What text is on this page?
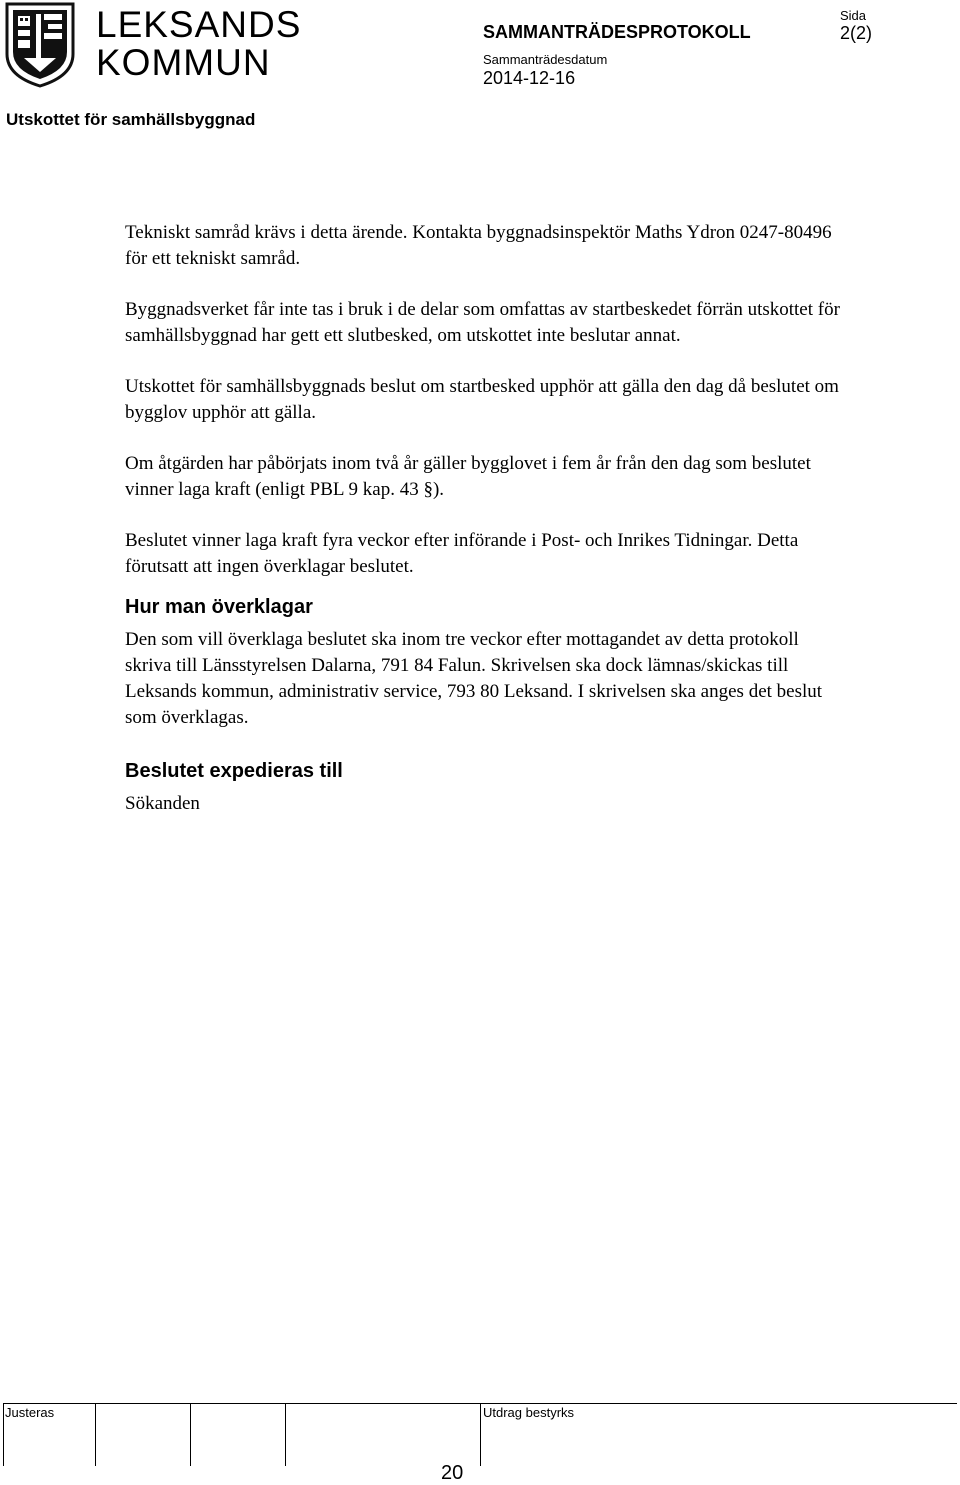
LEKSANDS
KOMMUN
SAMMANTRÄDESPROTOKOLL
Sammanträdesdatum
2014-12-16
Sida
2(2)
Utskottet för samhällsbyggnad

Tekniskt samråd krävs i detta ärende. Kontakta byggnadsinspektör Maths Ydron 0247-80496 för ett tekniskt samråd.

Byggnadsverket får inte tas i bruk i de delar som omfattas av startbeskedet förrän utskottet för samhällsbyggnad har gett ett slutbesked, om utskottet inte beslutar annat.

Utskottet för samhällsbyggnads beslut om startbesked upphör att gälla den dag då beslutet om bygglov upphör att gälla.

Om åtgärden har påbörjats inom två år gäller bygglovet i fem år från den dag som beslutet vinner laga kraft (enligt PBL 9 kap. 43 §).

Beslutet vinner laga kraft fyra veckor efter införande i Post- och Inrikes Tidningar. Detta förutsatt att ingen överklagar beslutet.

Hur man överklagar

Den som vill överklaga beslutet ska inom tre veckor efter mottagandet av detta protokoll skriva till Länsstyrelsen Dalarna, 791 84 Falun. Skrivelsen ska dock lämnas/skickas till Leksands kommun, administrativ service, 793 80 Leksand. I skrivelsen ska anges det beslut som överklagas.

Beslutet expedieras till

Sökanden

Justeras	Utdrag bestyrks
20
